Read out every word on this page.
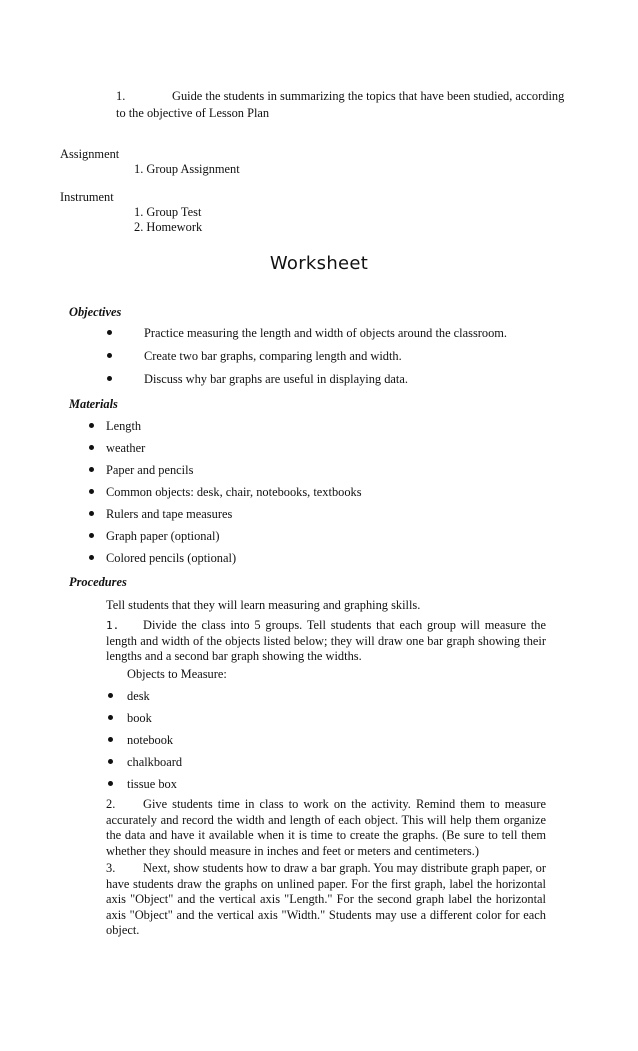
1.	Guide the students in summarizing the topics that have been studied, according
to the objective of Lesson Plan
Assignment
1. Group Assignment
Instrument
1. Group Test
2. Homework
Worksheet
Objectives
Practice measuring the length and width of objects around the classroom.
Create two bar graphs, comparing length and width.
Discuss why bar graphs are useful in displaying data.
Materials
Length
weather
Paper and pencils
Common objects: desk, chair, notebooks, textbooks
Rulers and tape measures
Graph paper (optional)
Colored pencils (optional)
Procedures
Tell students that they will learn measuring and graphing skills.
1. Divide the class into 5 groups. Tell students that each group will measure the length and width of the objects listed below; they will draw one bar graph showing their lengths and a second bar graph showing the widths.
Objects to Measure:
desk
book
notebook
chalkboard
tissue box
2. Give students time in class to work on the activity. Remind them to measure accurately and record the width and length of each object. This will help them organize the data and have it available when it is time to create the graphs. (Be sure to tell them whether they should measure in inches and feet or meters and centimeters.)
3. Next, show students how to draw a bar graph. You may distribute graph paper, or have students draw the graphs on unlined paper. For the first graph, label the horizontal axis "Object" and the vertical axis "Length." For the second graph label the horizontal axis "Object" and the vertical axis "Width." Students may use a different color for each object.
